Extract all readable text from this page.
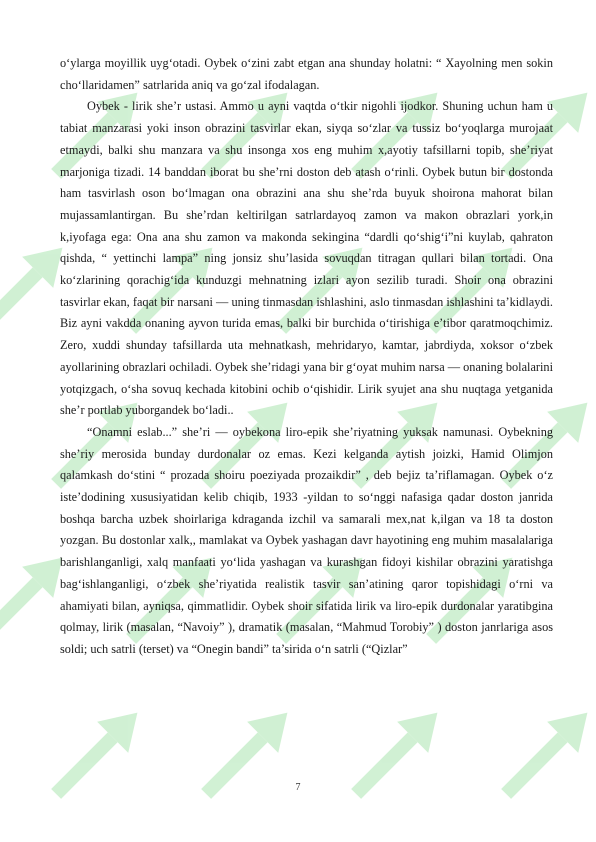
o‘ylarga moyillik uyg‘otadi. Oybek o‘zini zabt etgan ana shunday holatni: “ Xayolning men sokin cho‘llaridamen” satrlarida aniq va go‘zal ifodalagan.

Oybek - lirik she’r ustasi. Ammo u ayni vaqtda o‘tkir nigohli ijodkor. Shuning uchun ham u tabiat manzarasi yoki inson obrazini tasvirlar ekan, siyqa so‘zlar va tussiz bo‘yoqlarga murojaat etmaydi, balki shu manzara va shu insonga xos eng muhim x,ayotiy tafsillarni topib, she’riyat marjoniga tizadi. 14 banddan iborat bu she’rni doston deb atash o‘rinli. Oybek butun bir dostonda ham tasvirlash oson bo‘lmagan ona obrazini ana shu she’rda buyuk shoirona mahorat bilan mujassamlantirgan. Bu she’rdan keltirilgan satrlardayoq zamon va makon obrazlari york,in k,iyofaga ega: Ona ana shu zamon va makonda sekingina “dardli qo‘shig‘i”ni kuylab, qahraton qishda, “ yettinchi lampa” ning jonsiz shu’lasida sovuqdan titragan qullari bilan tortadi. Ona ko‘zlarining qorachig‘ida kunduzgi mehnatning izlari ayon sezilib turadi. Shoir ona obrazini tasvirlar ekan, faqat bir narsani — uning tinmasdan ishlashini, aslo tinmasdan ishlashini ta’kidlaydi. Biz ayni vakdda onaning ayvon turida emas, balki bir burchida o‘tirishiga e’tibor qaratmoqchimiz. Zero, xuddi shunday tafsillarda uta mehnatkash, mehridaryo, kamtar, jabrdiyda, xoksor o‘zbek ayollarining obrazlari ochiladi. Oybek she’ridagi yana bir g‘oyat muhim narsa — onaning bolalarini yotqizgach, o‘sha sovuq kechada kitobini ochib o‘qishidir. Lirik syujet ana shu nuqtaga yetganida she’r portlab yuborgandek bo‘ladi..

“Onamni eslab...” she’ri — oybekona liro-epik she’riyatning yuksak namunasi. Oybekning she’riy merosida bunday durdonalar oz emas. Kezi kelganda aytish joizki, Hamid Olimjon qalamkash do‘stini “ prozada shoiru poeziyada prozaikdir” , deb bejiz ta’riflamagan. Oybek o‘z iste’dodining xususiyatidan kelib chiqib, 1933 -yildan to so‘nggi nafasiga qadar doston janrida boshqa barcha uzbek shoirlariga kdraganda izchil va samarali mex,nat k,ilgan va 18 ta doston yozgan. Bu dostonlar xalk,, mamlakat va Oybek yashagan davr hayotining eng muhim masalalariga barishlanganligi, xalq manfaati yo‘lida yashagan va kurashgan fidoyi kishilar obrazini yaratishga bag‘ishlanganligi, o‘zbek she’riyatida realistik tasvir san’atining qaror topishidagi o‘rni va ahamiyati bilan, ayniqsa, qimmatlidir. Oybek shoir sifatida lirik va liro-epik durdonalar yaratibgina qolmay, lirik (masalan, “Navoiy” ), dramatik (masalan, “Mahmud Torobiy” ) doston janrlariga asos soldi; uch satrli (terset) va “Onegin bandi” ta’sirida o‘n satrli (“Qizlar”

7
